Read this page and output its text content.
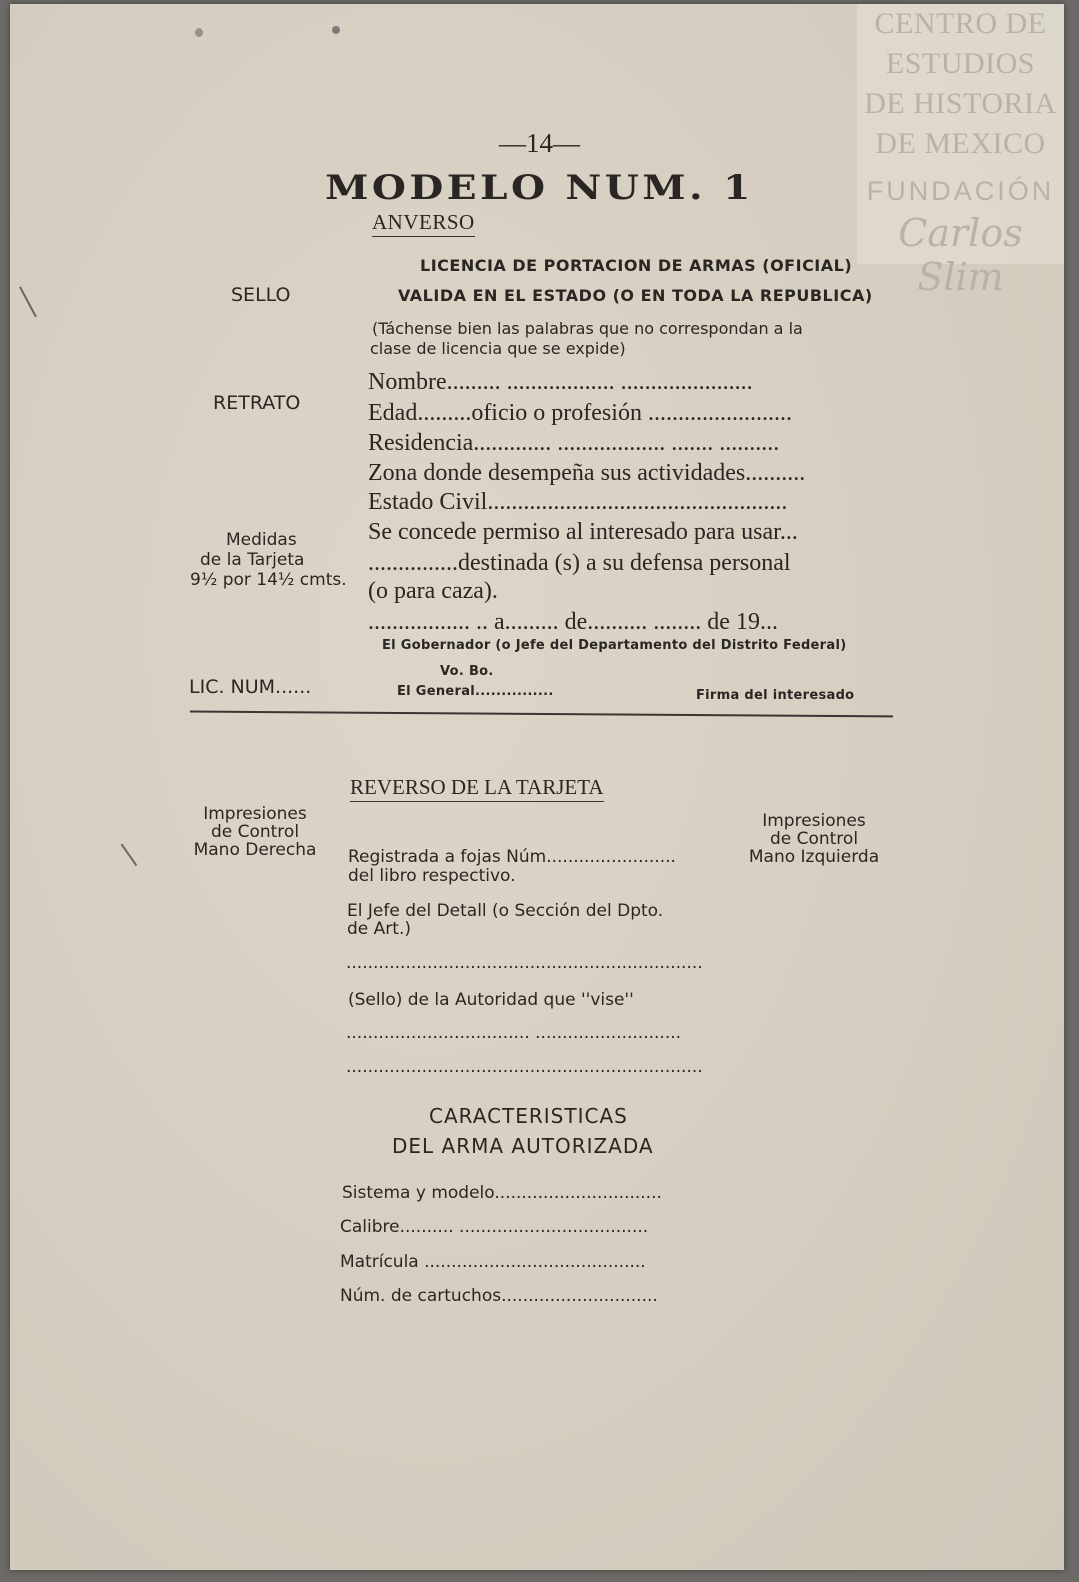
CENTRO DE
ESTUDIOS
DE HISTORIA
DE MEXICO
FUNDACIÓN
Carlos Slim
—14—
MODELO NUM. 1
ANVERSO
LICENCIA DE PORTACION DE ARMAS (OFICIAL)
VALIDA EN EL ESTADO (O EN TODA LA REPUBLICA)
(Táchense bien las palabras que no correspondan a la
clase de licencia que se expide)
SELLO
RETRATO
Medidas
de la Tarjeta
9½ por 14½ cmts.
LIC. NUM......
Nombre......... .................. ......................
Edad.........oficio o profesión ........................
Residencia............. .................. ....... ..........
Zona donde desempeña sus actividades..........
Estado Civil..................................................
Se concede permiso al interesado para usar...
...............destinada (s) a su defensa personal
(o para caza).
................. .. a......... de.......... ........ de 19...
El Gobernador (o Jefe del Departamento del Distrito Federal)
Vo. Bo.
El General...............	Firma del interesado
REVERSO DE LA TARJETA
Impresiones
de Control
Mano Derecha
Impresiones
de Control
Mano Izquierda
Registrada a fojas Núm........................
del libro respectivo.
El Jefe del Detall (o Sección del Dpto.
de Art.)
..................................................................
(Sello) de la Autoridad que ''vise''
.................................. ...........................
..................................................................
CARACTERISTICAS
DEL ARMA AUTORIZADA
Sistema y modelo...............................
Calibre.......... ...................................
Matrícula .........................................
Núm. de cartuchos.............................
